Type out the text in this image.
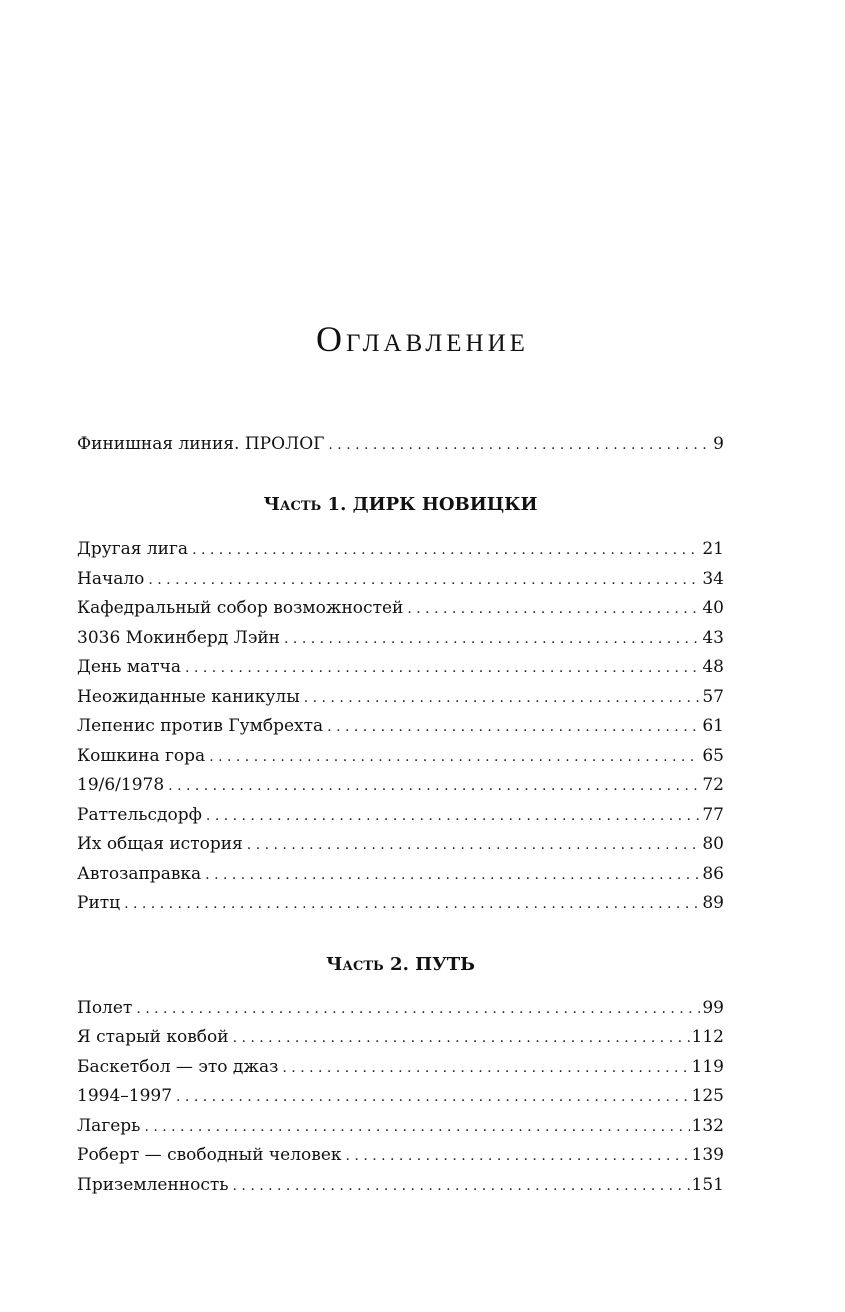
Оглавление
Финишная линия. ПРОЛОГ . . .	9
Часть 1. ДИРК НОВИЦКИ
Другая лига . . .	21
Начало . . .	34
Кафедральный собор возможностей . . .	40
3036 Мокинберд Лэйн . . .	43
День матча . . .	48
Неожиданные каникулы . . .	57
Лепенис против Гумбрехта . . .	61
Кошкина гора . . .	65
19/6/1978 . . .	72
Раттельсдорф . . .	77
Их общая история . . .	80
Автозаправка . . .	86
Ритц . . .	89
Часть 2. ПУТЬ
Полет . . .	99
Я старый ковбой . . .	112
Баскетбол — это джаз . . .	119
1994–1997 . . .	125
Лагерь . . .	132
Роберт — свободный человек . . .	139
Приземленность . . .	151
